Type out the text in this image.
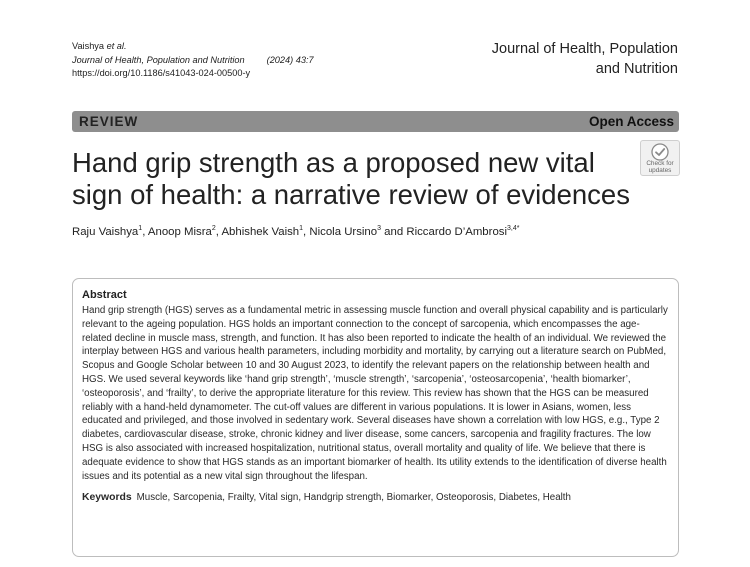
Vaishya et al.
Journal of Health, Population and Nutrition (2024) 43:7
https://doi.org/10.1186/s41043-024-00500-y
Journal of Health, Population
and Nutrition
REVIEW	Open Access
Hand grip strength as a proposed new vital sign of health: a narrative review of evidences
Check for
updates
Raju Vaishya$^1$, Anoop Misra$^2$, Abhishek Vaish$^1$, Nicola Ursino$^3$ and Riccardo D’Ambrosi$^{3,4*}$
Abstract

Hand grip strength (HGS) serves as a fundamental metric in assessing muscle function and overall physical capability and is particularly relevant to the ageing population. HGS holds an important connection to the concept of sarcopenia, which encompasses the age-related decline in muscle mass, strength, and function. It has also been reported to indicate the health of an individual. We reviewed the interplay between HGS and various health parameters, including morbidity and mortality, by carrying out a literature search on PubMed, Scopus and Google Scholar between 10 and 30 August 2023, to identify the relevant papers on the relationship between health and HGS. We used several keywords like ‘hand grip strength’, ‘muscle strength’, ‘sarcopenia’, ‘osteosarcopenia’, ‘health biomarker’, ‘osteoporosis’, and ‘frailty’, to derive the appropriate literature for this review. This review has shown that the HGS can be measured reliably with a hand-held dynamometer. The cut-off values are different in various populations. It is lower in Asians, women, less educated and privileged, and those involved in sedentary work. Several diseases have shown a correlation with low HGS, e.g., Type 2 diabetes, cardiovascular disease, stroke, chronic kidney and liver disease, some cancers, sarcopenia and fragility fractures. The low HSG is also associated with increased hospitalization, nutritional status, overall mortality and quality of life. We believe that there is adequate evidence to show that HGS stands as an important biomarker of health. Its utility extends to the identification of diverse health issues and its potential as a new vital sign throughout the lifespan.

Keywords Muscle, Sarcopenia, Frailty, Vital sign, Handgrip strength, Biomarker, Osteoporosis, Diabetes, Health
